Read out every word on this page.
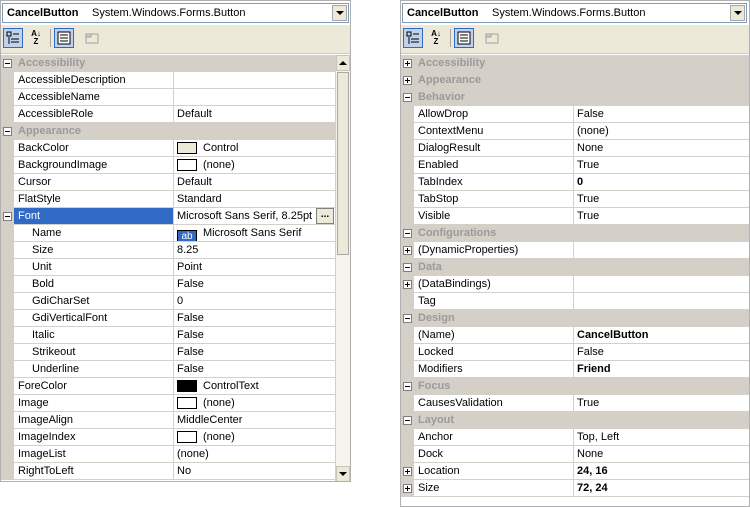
CancelButton System.Windows.Forms.Button
A↓Z
Accessibility
AccessibleDescription
AccessibleName
AccessibleRole	Default
Appearance
BackColor	Control
BackgroundImage	(none)
Cursor	Default
FlatStyle	Standard
Font	Microsoft Sans Serif, 8.25pt ...
Name	ab Microsoft Sans Serif
Size	8.25
Unit	Point
Bold	False
GdiCharSet	0
GdiVerticalFont	False
Italic	False
Strikeout	False
Underline	False
ForeColor	ControlText
Image	(none)
ImageAlign	MiddleCenter
ImageIndex	(none)
ImageList	(none)
RightToLeft	No
CancelButton System.Windows.Forms.Button
A↓Z
Accessibility
Appearance
Behavior
AllowDrop	False
ContextMenu	(none)
DialogResult	None
Enabled	True
TabIndex	0
TabStop	True
Visible	True
Configurations
(DynamicProperties)
Data
(DataBindings)
Tag
Design
(Name)	CancelButton
Locked	False
Modifiers	Friend
Focus
CausesValidation	True
Layout
Anchor	Top, Left
Dock	None
Location	24, 16
Size	72, 24
